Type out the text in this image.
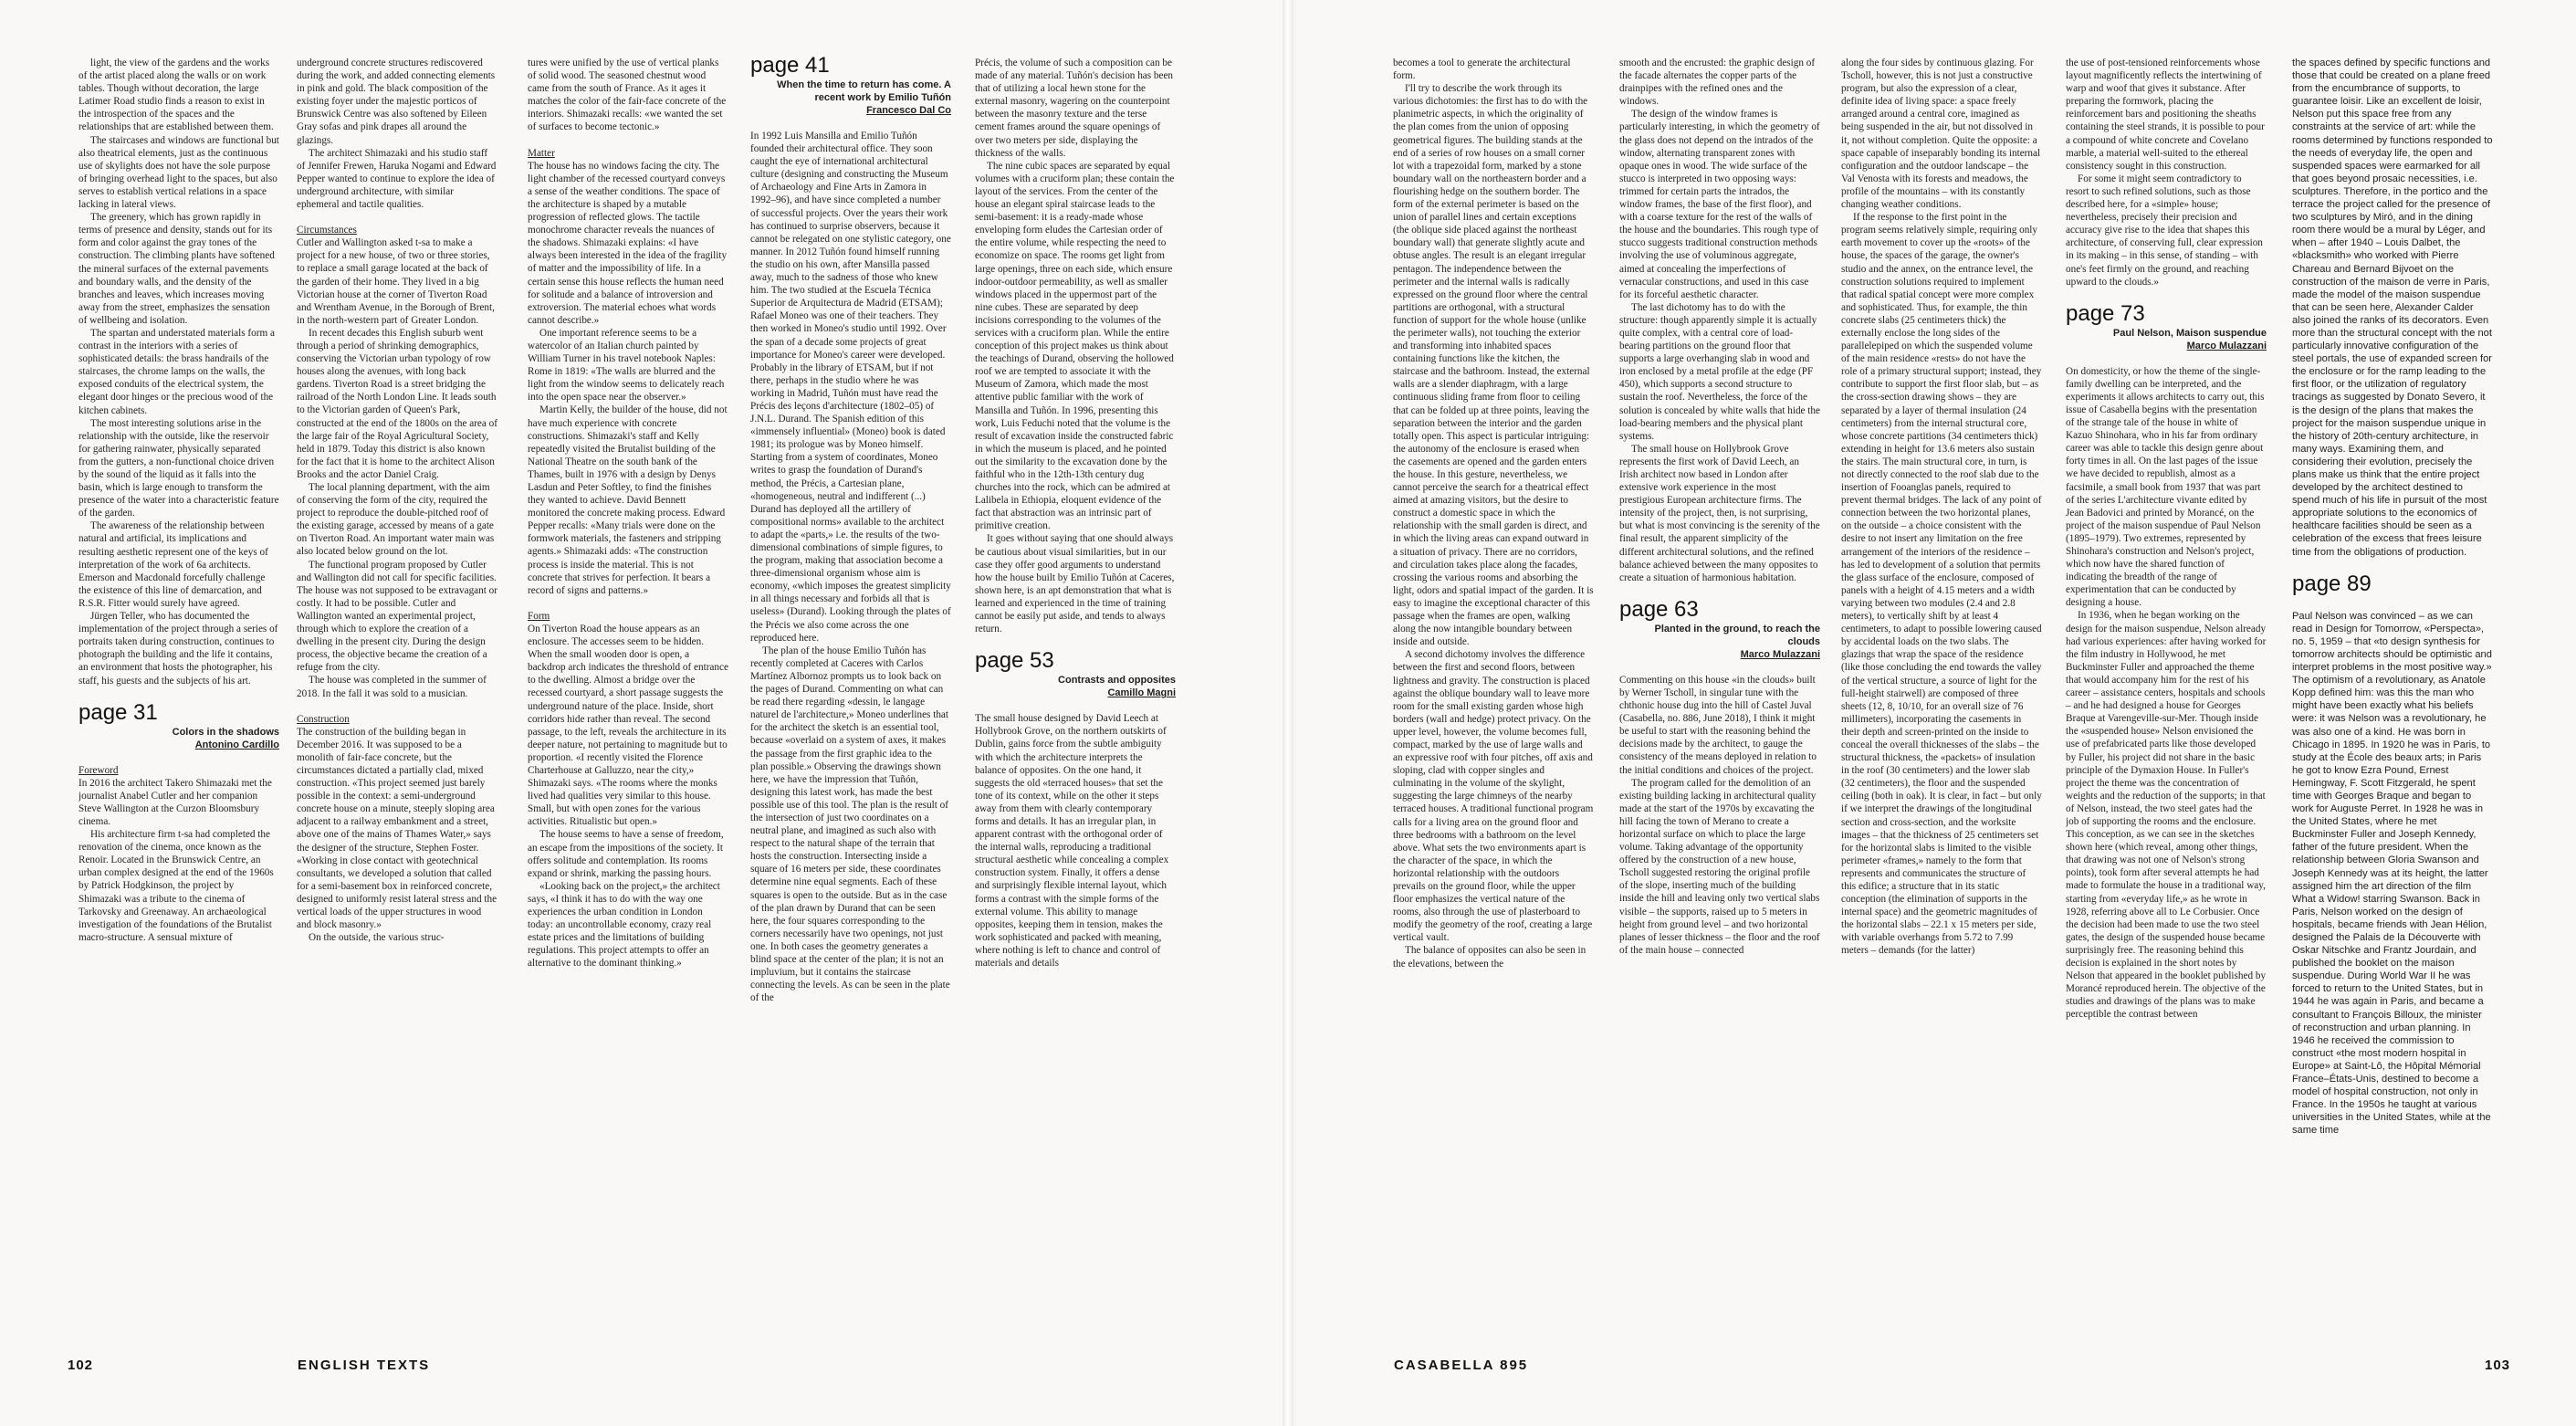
light, the view of the gardens and the works of the artist placed along the walls or on work tables. Though without decoration, the large Latimer Road studio finds a reason to exist in the introspection of the spaces and the relationships that are established between them.

The staircases and windows are functional but also theatrical elements, just as the continuous use of skylights does not have the sole purpose of bringing overhead light to the spaces, but also serves to establish vertical relations in a space lacking in lateral views.

The greenery, which has grown rapidly in terms of presence and density, stands out for its form and color against the gray tones of the construction. The climbing plants have softened the mineral surfaces of the external pavements and boundary walls, and the density of the branches and leaves, which increases moving away from the street, emphasizes the sensation of wellbeing and isolation.

The spartan and understated materials form a contrast in the interiors with a series of sophisticated details: the brass handrails of the staircases, the chrome lamps on the walls, the exposed conduits of the electrical system, the elegant door hinges or the precious wood of the kitchen cabinets.

The most interesting solutions arise in the relationship with the outside, like the reservoir for gathering rainwater, physically separated from the gutters, a non-functional choice driven by the sound of the liquid as it falls into the basin, which is large enough to transform the presence of the water into a characteristic feature of the garden.

The awareness of the relationship between natural and artificial, its implications and resulting aesthetic represent one of the keys of interpretation of the work of 6a architects. Emerson and Macdonald forcefully challenge the existence of this line of demarcation, and R.S.R. Fitter would surely have agreed.

Jürgen Teller, who has documented the implementation of the project through a series of portraits taken during construction, continues to photograph the building and the life it contains, an environment that hosts the photographer, his staff, his guests and the subjects of his art.

page 31
Colors in the shadows
Antonino Cardillo
Foreword

In 2016 the architect Takero Shimazaki met the journalist Anabel Cutler and her companion Steve Wallington at the Curzon Bloomsbury cinema.

His architecture firm t-sa had completed the renovation of the cinema, once known as the Renoir. Located in the Brunswick Centre, an urban complex designed at the end of the 1960s by Patrick Hodgkinson, the project by Shimazaki was a tribute to the cinema of Tarkovsky and Greenaway. An archaeological investigation of the foundations of the Brutalist macro-structure. A sensual mixture of

underground concrete structures rediscovered during the work, and added connecting elements in pink and gold. The black composition of the existing foyer under the majestic porticos of Brunswick Centre was also softened by Eileen Gray sofas and pink drapes all around the glazings.

The architect Shimazaki and his studio staff of Jennifer Frewen, Haruka Nogami and Edward Pepper wanted to continue to explore the idea of underground architecture, with similar ephemeral and tactile qualities.

Circumstances

Cutler and Wallington asked t-sa to make a project for a new house, of two or three stories, to replace a small garage located at the back of the garden of their home. They lived in a big Victorian house at the corner of Tiverton Road and Wrentham Avenue, in the Borough of Brent, in the north-western part of Greater London.

In recent decades this English suburb went through a period of shrinking demographics, conserving the Victorian urban typology of row houses along the avenues, with long back gardens. Tiverton Road is a street bridging the railroad of the North London Line. It leads south to the Victorian garden of Queen's Park, constructed at the end of the 1800s on the area of the large fair of the Royal Agricultural Society, held in 1879. Today this district is also known for the fact that it is home to the architect Alison Brooks and the actor Daniel Craig.

The local planning department, with the aim of conserving the form of the city, required the project to reproduce the double-pitched roof of the existing garage, accessed by means of a gate on Tiverton Road. An important water main was also located below ground on the lot.

The functional program proposed by Cutler and Wallington did not call for specific facilities. The house was not supposed to be extravagant or costly. It had to be possible. Cutler and Wallington wanted an experimental project, through which to explore the creation of a dwelling in the present city. During the design process, the objective became the creation of a refuge from the city.

The house was completed in the summer of 2018. In the fall it was sold to a musician.

Construction

The construction of the building began in December 2016. It was supposed to be a monolith of fair-face concrete, but the circumstances dictated a partially clad, mixed construction. «This project seemed just barely possible in the context: a semi-underground concrete house on a minute, steeply sloping area adjacent to a railway embankment and a street, above one of the mains of Thames Water,» says the designer of the structure, Stephen Foster. «Working in close contact with geotechnical consultants, we developed a solution that called for a semi-basement box in reinforced concrete, designed to uniformly resist lateral stress and the vertical loads of the upper structures in wood and block masonry.»

On the outside, the various struc-

tures were unified by the use of vertical planks of solid wood. The seasoned chestnut wood came from the south of France. As it ages it matches the color of the fair-face concrete of the interiors. Shimazaki recalls: «we wanted the set of surfaces to become tectonic.»

Matter

The house has no windows facing the city. The light chamber of the recessed courtyard conveys a sense of the weather conditions. The space of the architecture is shaped by a mutable progression of reflected glows. The tactile monochrome character reveals the nuances of the shadows. Shimazaki explains: «I have always been interested in the idea of the fragility of matter and the impossibility of life. In a certain sense this house reflects the human need for solitude and a balance of introversion and extroversion. The material echoes what words cannot describe.»

One important reference seems to be a watercolor of an Italian church painted by William Turner in his travel notebook Naples: Rome in 1819: «The walls are blurred and the light from the window seems to delicately reach into the open space near the observer.»

Martin Kelly, the builder of the house, did not have much experience with concrete constructions. Shimazaki's staff and Kelly repeatedly visited the Brutalist building of the National Theatre on the south bank of the Thames, built in 1976 with a design by Denys Lasdun and Peter Softley, to find the finishes they wanted to achieve. David Bennett monitored the concrete making process. Edward Pepper recalls: «Many trials were done on the formwork materials, the fasteners and stripping agents.» Shimazaki adds: «The construction process is inside the material. This is not concrete that strives for perfection. It bears a record of signs and patterns.»

Form

On Tiverton Road the house appears as an enclosure. The accesses seem to be hidden. When the small wooden door is open, a backdrop arch indicates the threshold of entrance to the dwelling. Almost a bridge over the recessed courtyard, a short passage suggests the underground nature of the place. Inside, short corridors hide rather than reveal. The second passage, to the left, reveals the architecture in its deeper nature, not pertaining to magnitude but to proportion. «I recently visited the Florence Charterhouse at Galluzzo, near the city,» Shimazaki says. «The rooms where the monks lived had qualities very similar to this house. Small, but with open zones for the various activities. Ritualistic but open.»

The house seems to have a sense of freedom, an escape from the impositions of the society. It offers solitude and contemplation. Its rooms expand or shrink, marking the passing hours.

«Looking back on the project,» the architect says, «I think it has to do with the way one experiences the urban condition in London today: an uncontrollable economy, crazy real estate prices and the limitations of building regulations. This project attempts to offer an alternative to the dominant thinking.»

page 41
When the time to return has come. A recent work by Emilio Tuñón
Francesco Dal Co

In 1992 Luis Mansilla and Emilio Tuñón founded their architectural office. They soon caught the eye of international architectural culture (designing and constructing the Museum of Archaeology and Fine Arts in Zamora in 1992–96), and have since completed a number of successful projects. Over the years their work has continued to surprise observers, because it cannot be relegated on one stylistic category, one manner. In 2012 Tuñón found himself running the studio on his own, after Mansilla passed away, much to the sadness of those who knew him. The two studied at the Escuela Técnica Superior de Arquitectura de Madrid (ETSAM); Rafael Moneo was one of their teachers. They then worked in Moneo's studio until 1992. Over the span of a decade some projects of great importance for Moneo's career were developed. Probably in the library of ETSAM, but if not there, perhaps in the studio where he was working in Madrid, Tuñón must have read the Précis des leçons d'architecture (1802–05) of J.N.L. Durand. The Spanish edition of this «immensely influential» (Moneo) book is dated 1981; its prologue was by Moneo himself. Starting from a system of coordinates, Moneo writes to grasp the foundation of Durand's method, the Précis, a Cartesian plane, «homogeneous, neutral and indifferent (...) Durand has deployed all the artillery of compositional norms» available to the architect to adapt the «parts,» i.e. the results of the two-dimensional combinations of simple figures, to the program, making that association become a three-dimensional organism whose aim is economy, «which imposes the greatest simplicity in all things necessary and forbids all that is useless» (Durand). Looking through the plates of the Précis we also come across the one reproduced here.

The plan of the house Emilio Tuñón has recently completed at Caceres with Carlos Martínez Albornoz prompts us to look back on the pages of Durand. Commenting on what can be read there regarding «dessin, le langage naturel de l'architecture,» Moneo underlines that for the architect the sketch is an essential tool, because «overlaid on a system of axes, it makes the passage from the first graphic idea to the plan possible.» Observing the drawings shown here, we have the impression that Tuñón, designing this latest work, has made the best possible use of this tool. The plan is the result of the intersection of just two coordinates on a neutral plane, and imagined as such also with respect to the natural shape of the terrain that hosts the construction. Intersecting inside a square of 16 meters per side, these coordinates determine nine equal segments. Each of these squares is open to the outside. But as in the case of the plan drawn by Durand that can be seen here, the four squares corresponding to the corners necessarily have two openings, not just one. In both cases the geometry generates a blind space at the center of the plan; it is not an impluvium, but it contains the staircase connecting the levels. As can be seen in the plate of the

Précis, the volume of such a composition can be made of any material. Tuñón's decision has been that of utilizing a local hewn stone for the external masonry, wagering on the counterpoint between the masonry texture and the terse cement frames around the square openings of over two meters per side, displaying the thickness of the walls.

The nine cubic spaces are separated by equal volumes with a cruciform plan; these contain the layout of the services. From the center of the house an elegant spiral staircase leads to the semi-basement: it is a ready-made whose enveloping form eludes the Cartesian order of the entire volume, while respecting the need to economize on space. The rooms get light from large openings, three on each side, which ensure indoor-outdoor permeability, as well as smaller windows placed in the uppermost part of the nine cubes. These are separated by deep incisions corresponding to the volumes of the services with a cruciform plan. While the entire conception of this project makes us think about the teachings of Durand, observing the hollowed roof we are tempted to associate it with the Museum of Zamora, which made the most attentive public familiar with the work of Mansilla and Tuñón. In 1996, presenting this work, Luis Feduchi noted that the volume is the result of excavation inside the constructed fabric in which the museum is placed, and he pointed out the similarity to the excavation done by the faithful who in the 12th-13th century dug churches into the rock, which can be admired at Lalibela in Ethiopia, eloquent evidence of the fact that abstraction was an intrinsic part of primitive creation.

It goes without saying that one should always be cautious about visual similarities, but in our case they offer good arguments to understand how the house built by Emilio Tuñón at Caceres, shown here, is an apt demonstration that what is learned and experienced in the time of training cannot be easily put aside, and tends to always return.

page 53
Contrasts and opposites
Camillo Magni

The small house designed by David Leech at Hollybrook Grove, on the northern outskirts of Dublin, gains force from the subtle ambiguity with which the architecture interprets the balance of opposites. On the one hand, it suggests the old «terraced houses» that set the tone of its context, while on the other it steps away from them with clearly contemporary forms and details. It has an irregular plan, in apparent contrast with the orthogonal order of the internal walls, reproducing a traditional structural aesthetic while concealing a complex construction system. Finally, it offers a dense and surprisingly flexible internal layout, which forms a contrast with the simple forms of the external volume. This ability to manage opposites, keeping them in tension, makes the work sophisticated and packed with meaning, where nothing is left to chance and control of materials and details

102	ENGLISH TEXTS

becomes a tool to generate the architectural form.

I'll try to describe the work through its various dichotomies: the first has to do with the planimetric aspects, in which the originality of the plan comes from the union of opposing geometrical figures. The building stands at the end of a series of row houses on a small corner lot with a trapezoidal form, marked by a stone boundary wall on the northeastern border and a flourishing hedge on the southern border. The form of the external perimeter is based on the union of parallel lines and certain exceptions (the oblique side placed against the northeast boundary wall) that generate slightly acute and obtuse angles. The result is an elegant irregular pentagon. The independence between the perimeter and the internal walls is radically expressed on the ground floor where the central partitions are orthogonal, with a structural function of support for the whole house (unlike the perimeter walls), not touching the exterior and transforming into inhabited spaces containing functions like the kitchen, the staircase and the bathroom. Instead, the external walls are a slender diaphragm, with a large continuous sliding frame from floor to ceiling that can be folded up at three points, leaving the separation between the interior and the garden totally open. This aspect is particular intriguing: the autonomy of the enclosure is erased when the casements are opened and the garden enters the house. In this gesture, nevertheless, we cannot perceive the search for a theatrical effect aimed at amazing visitors, but the desire to construct a domestic space in which the relationship with the small garden is direct, and in which the living areas can expand outward in a situation of privacy. There are no corridors, and circulation takes place along the facades, crossing the various rooms and absorbing the light, odors and spatial impact of the garden. It is easy to imagine the exceptional character of this passage when the frames are open, walking along the now intangible boundary between inside and outside.

A second dichotomy involves the difference between the first and second floors, between lightness and gravity. The construction is placed against the oblique boundary wall to leave more room for the small existing garden whose high borders (wall and hedge) protect privacy. On the upper level, however, the volume becomes full, compact, marked by the use of large walls and an expressive roof with four pitches, off axis and sloping, clad with copper singles and culminating in the volume of the skylight, suggesting the large chimneys of the nearby terraced houses. A traditional functional program calls for a living area on the ground floor and three bedrooms with a bathroom on the level above. What sets the two environments apart is the character of the space, in which the horizontal relationship with the outdoors prevails on the ground floor, while the upper floor emphasizes the vertical nature of the rooms, also through the use of plasterboard to modify the geometry of the roof, creating a large vertical vault.

The balance of opposites can also be seen in the elevations, between the

smooth and the encrusted: the graphic design of the facade alternates the copper parts of the drainpipes with the refined ones and the windows.

The design of the window frames is particularly interesting, in which the geometry of the glass does not depend on the intrados of the window, alternating transparent zones with opaque ones in wood. The wide surface of the stucco is interpreted in two opposing ways: trimmed for certain parts the intrados, the window frames, the base of the first floor), and with a coarse texture for the rest of the walls of the house and the boundaries. This rough type of stucco suggests traditional construction methods involving the use of voluminous aggregate, aimed at concealing the imperfections of vernacular constructions, and used in this case for its forceful aesthetic character.

The last dichotomy has to do with the structure: though apparently simple it is actually quite complex, with a central core of load-bearing partitions on the ground floor that supports a large overhanging slab in wood and iron enclosed by a metal profile at the edge (PF 450), which supports a second structure to sustain the roof. Nevertheless, the force of the solution is concealed by white walls that hide the load-bearing members and the physical plant systems.

The small house on Hollybrook Grove represents the first work of David Leech, an Irish architect now based in London after extensive work experience in the most prestigious European architecture firms. The intensity of the project, then, is not surprising, but what is most convincing is the serenity of the final result, the apparent simplicity of the different architectural solutions, and the refined balance achieved between the many opposites to create a situation of harmonious habitation.

page 63
Planted in the ground, to reach the clouds
Marco Mulazzani

Commenting on this house «in the clouds» built by Werner Tscholl, in singular tune with the chthonic house dug into the hill of Castel Juval (Casabella, no. 886, June 2018), I think it might be useful to start with the reasoning behind the decisions made by the architect, to gauge the consistency of the means deployed in relation to the initial conditions and choices of the project.

The program called for the demolition of an existing building lacking in architectural quality made at the start of the 1970s by excavating the hill facing the town of Merano to create a horizontal surface on which to place the large volume. Taking advantage of the opportunity offered by the construction of a new house, Tscholl suggested restoring the original profile of the slope, inserting much of the building inside the hill and leaving only two vertical slabs visible – the supports, raised up to 5 meters in height from ground level – and two horizontal planes of lesser thickness – the floor and the roof of the main house – connected

along the four sides by continuous glazing. For Tscholl, however, this is not just a constructive program, but also the expression of a clear, definite idea of living space: a space freely arranged around a central core, imagined as being suspended in the air, but not dissolved in it, not without completion. Quite the opposite: a space capable of inseparably bonding its internal configuration and the outdoor landscape – the Val Venosta with its forests and meadows, the profile of the mountains – with its constantly changing weather conditions.

If the response to the first point in the program seems relatively simple, requiring only earth movement to cover up the «roots» of the house, the spaces of the garage, the owner's studio and the annex, on the entrance level, the construction solutions required to implement that radical spatial concept were more complex and sophisticated. Thus, for example, the thin concrete slabs (25 centimeters thick) the externally enclose the long sides of the parallelepiped on which the suspended volume of the main residence «rests» do not have the role of a primary structural support; instead, they contribute to support the first floor slab, but – as the cross-section drawing shows – they are separated by a layer of thermal insulation (24 centimeters) from the internal structural core, whose concrete partitions (34 centimeters thick) extending in height for 13.6 meters also sustain the stairs. The main structural core, in turn, is not directly connected to the roof slab due to the insertion of Fooanglas panels, required to prevent thermal bridges. The lack of any point of connection between the two horizontal planes, on the outside – a choice consistent with the desire to not insert any limitation on the free arrangement of the interiors of the residence – has led to development of a solution that permits the glass surface of the enclosure, composed of panels with a height of 4.15 meters and a width varying between two modules (2.4 and 2.8 meters), to vertically shift by at least 4 centimeters, to adapt to possible lowering caused by accidental loads on the two slabs. The glazings that wrap the space of the residence (like those concluding the end towards the valley of the vertical structure, a source of light for the full-height stairwell) are composed of three sheets (12, 8, 10/10, for an overall size of 76 millimeters), incorporating the casements in their depth and screen-printed on the inside to conceal the overall thicknesses of the slabs – the structural thickness, the «packets» of insulation in the roof (30 centimeters) and the lower slab (32 centimeters), the floor and the suspended ceiling (both in oak). It is clear, in fact – but only if we interpret the drawings of the longitudinal section and cross-section, and the worksite images – that the thickness of 25 centimeters set for the horizontal slabs is limited to the visible perimeter «frames,» namely to the form that represents and communicates the structure of this edifice; a structure that in its static conception (the elimination of supports in the internal space) and the geometric magnitudes of the horizontal slabs – 22.1 x 15 meters per side, with variable overhangs from 5.72 to 7.99 meters – demands (for the latter)

the use of post-tensioned reinforcements whose layout magnificently reflects the intertwining of warp and woof that gives it substance. After preparing the formwork, placing the reinforcement bars and positioning the sheaths containing the steel strands, it is possible to pour a compound of white concrete and Covelano marble, a material well-suited to the ethereal consistency sought in this construction.

For some it might seem contradictory to resort to such refined solutions, such as those described here, for a «simple» house; nevertheless, precisely their precision and accuracy give rise to the idea that shapes this architecture, of conserving full, clear expression in its making – in this sense, of standing – with one's feet firmly on the ground, and reaching upward to the clouds.»

page 73
Paul Nelson, Maison suspendue
Marco Mulazzani

On domesticity, or how the theme of the single-family dwelling can be interpreted, and the experiments it allows architects to carry out, this issue of Casabella begins with the presentation of the strange tale of the house in white of Kazuo Shinohara, who in his far from ordinary career was able to tackle this design genre about forty times in all. On the last pages of the issue we have decided to republish, almost as a facsimile, a small book from 1937 that was part of the series L'architecture vivante edited by Jean Badovici and printed by Morancé, on the project of the maison suspendue of Paul Nelson (1895–1979). Two extremes, represented by Shinohara's construction and Nelson's project, which now have the shared function of indicating the breadth of the range of experimentation that can be conducted by designing a house.

In 1936, when he began working on the design for the maison suspendue, Nelson already had various experiences: after having worked for the film industry in Hollywood, he met Buckminster Fuller and approached the theme that would accompany him for the rest of his career – assistance centers, hospitals and schools – and he had designed a house for Georges Braque at Varengeville-sur-Mer. Though inside the «suspended house» Nelson envisioned the use of prefabricated parts like those developed by Fuller, his project did not share in the basic principle of the Dymaxion House. In Fuller's project the theme was the concentration of weights and the reduction of the supports; in that of Nelson, instead, the two steel gates had the job of supporting the rooms and the enclosure. This conception, as we can see in the sketches shown here (which reveal, among other things, that drawing was not one of Nelson's strong points), took form after several attempts he had made to formulate the house in a traditional way, starting from «everyday life,» as he wrote in 1928, referring above all to Le Corbusier. Once the decision had been made to use the two steel gates, the design of the suspended house became surprisingly free. The reasoning behind this decision is explained in the short notes by Nelson that appeared in the booklet published by Morancé reproduced herein. The objective of the studies and drawings of the plans was to make perceptible the contrast between

the spaces defined by specific functions and those that could be created on a plane freed from the encumbrance of supports, to guarantee loisir. Like an excellent de loisir, Nelson put this space free from any constraints at the service of art: while the rooms determined by functions responded to the needs of everyday life, the open and suspended spaces were earmarked for all that goes beyond prosaic necessities, i.e. sculptures. Therefore, in the portico and the terrace the project called for the presence of two sculptures by Miró, and in the dining room there would be a mural by Léger, and when – after 1940 – Louis Dalbet, the «blacksmith» who worked with Pierre Chareau and Bernard Bijvoet on the construction of the maison de verre in Paris, made the model of the maison suspendue that can be seen here, Alexander Calder also joined the ranks of its decorators. Even more than the structural concept with the not particularly innovative configuration of the steel portals, the use of expanded screen for the enclosure or for the ramp leading to the first floor, or the utilization of regulatory tracings as suggested by Donato Severo, it is the design of the plans that makes the project for the maison suspendue unique in the history of 20th-century architecture, in many ways. Examining them, and considering their evolution, precisely the plans make us think that the entire project developed by the architect destined to spend much of his life in pursuit of the most appropriate solutions to the economics of healthcare facilities should be seen as a celebration of the excess that frees leisure time from the obligations of production.

page 89

Paul Nelson was convinced – as we can read in Design for Tomorrow, «Perspecta», no. 5, 1959 – that «to design synthesis for tomorrow architects should be optimistic and interpret problems in the most positive way.» The optimism of a revolutionary, as Anatole Kopp defined him: was this the man who might have been exactly what his beliefs were: it was Nelson was a revolutionary, he was also one of a kind. He was born in Chicago in 1895. In 1920 he was in Paris, to study at the École des beaux arts; in Paris he got to know Ezra Pound, Ernest Hemingway, F. Scott Fitzgerald, he spent time with Georges Braque and began to work for Auguste Perret. In 1928 he was in the United States, where he met Buckminster Fuller and Joseph Kennedy, father of the future president. When the relationship between Gloria Swanson and Joseph Kennedy was at its height, the latter assigned him the art direction of the film What a Widow! starring Swanson. Back in Paris, Nelson worked on the design of hospitals, became friends with Jean Hélion, designed the Palais de la Découverte with Oskar Nitschke and Frantz Jourdain, and published the booklet on the maison suspendue. During World War II he was forced to return to the United States, but in 1944 he was again in Paris, and became a consultant to François Billoux, the minister of reconstruction and urban planning. In 1946 he received the commission to construct «the most modern hospital in Europe» at Saint-Lô, the Hôpital Mémorial France–États-Unis, destined to become a model of hospital construction, not only in France. In the 1950s he taught at various universities in the United States, while at the same time

CASABELLA 895	103
